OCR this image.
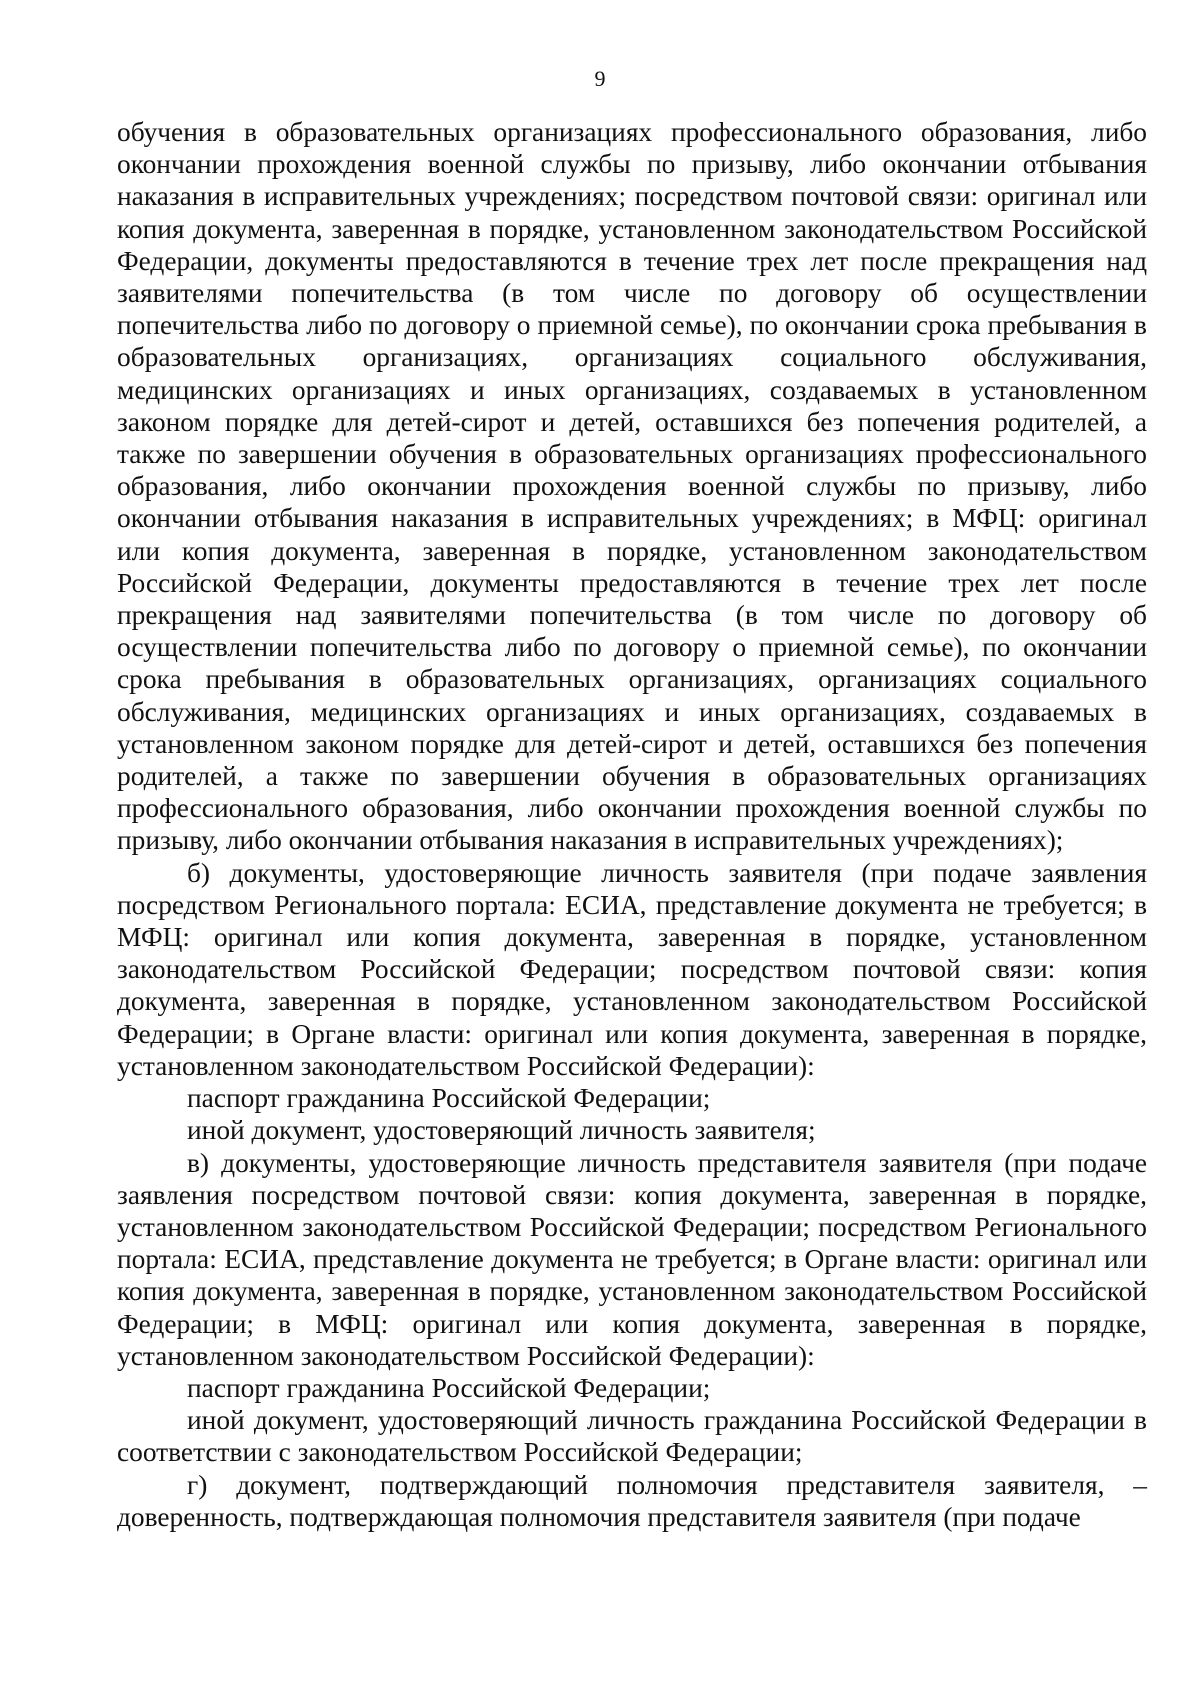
9

обучения в образовательных организациях профессионального образования, либо окончании прохождения военной службы по призыву, либо окончании отбывания наказания в исправительных учреждениях; посредством почтовой связи: оригинал или копия документа, заверенная в порядке, установленном законодательством Российской Федерации, документы предоставляются в течение трех лет после прекращения над заявителями попечительства (в том числе по договору об осуществлении попечительства либо по договору о приемной семье), по окончании срока пребывания в образовательных организациях, организациях социального обслуживания, медицинских организациях и иных организациях, создаваемых в установленном законом порядке для детей-сирот и детей, оставшихся без попечения родителей, а также по завершении обучения в образовательных организациях профессионального образования, либо окончании прохождения военной службы по призыву, либо окончании отбывания наказания в исправительных учреждениях; в МФЦ: оригинал или копия документа, заверенная в порядке, установленном законодательством Российской Федерации, документы предоставляются в течение трех лет после прекращения над заявителями попечительства (в том числе по договору об осуществлении попечительства либо по договору о приемной семье), по окончании срока пребывания в образовательных организациях, организациях социального обслуживания, медицинских организациях и иных организациях, создаваемых в установленном законом порядке для детей-сирот и детей, оставшихся без попечения родителей, а также по завершении обучения в образовательных организациях профессионального образования, либо окончании прохождения военной службы по призыву, либо окончании отбывания наказания в исправительных учреждениях);

б) документы, удостоверяющие личность заявителя (при подаче заявления посредством Регионального портала: ЕСИА, представление документа не требуется; в МФЦ: оригинал или копия документа, заверенная в порядке, установленном законодательством Российской Федерации; посредством почтовой связи: копия документа, заверенная в порядке, установленном законодательством Российской Федерации; в Органе власти: оригинал или копия документа, заверенная в порядке, установленном законодательством Российской Федерации):

паспорт гражданина Российской Федерации;

иной документ, удостоверяющий личность заявителя;

в) документы, удостоверяющие личность представителя заявителя (при подаче заявления посредством почтовой связи: копия документа, заверенная в порядке, установленном законодательством Российской Федерации; посредством Регионального портала: ЕСИА, представление документа не требуется; в Органе власти: оригинал или копия документа, заверенная в порядке, установленном законодательством Российской Федерации; в МФЦ: оригинал или копия документа, заверенная в порядке, установленном законодательством Российской Федерации):

паспорт гражданина Российской Федерации;

иной документ, удостоверяющий личность гражданина Российской Федерации в соответствии с законодательством Российской Федерации;

г) документ, подтверждающий полномочия представителя заявителя, – доверенность, подтверждающая полномочия представителя заявителя (при подаче
